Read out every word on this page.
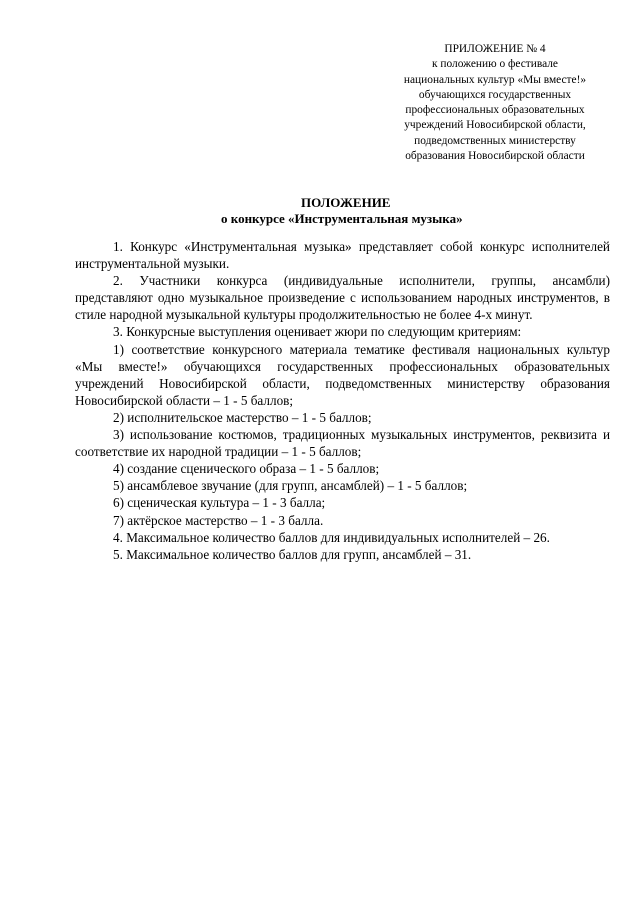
ПРИЛОЖЕНИЕ № 4
к положению о фестивале
национальных культур «Мы вместе!»
обучающихся государственных
профессиональных образовательных
учреждений Новосибирской области,
подведомственных министерству
образования Новосибирской области
ПОЛОЖЕНИЕ
о конкурсе «Инструментальная музыка»

1. Конкурс «Инструментальная музыка» представляет собой конкурс исполнителей инструментальной музыки.

2. Участники конкурса (индивидуальные исполнители, группы, ансамбли) представляют одно музыкальное произведение с использованием народных инструментов, в стиле народной музыкальной культуры продолжительностью не более 4-х минут.

3. Конкурсные выступления оценивает жюри по следующим критериям:

1) соответствие конкурсного материала тематике фестиваля национальных культур «Мы вместе!» обучающихся государственных профессиональных образовательных учреждений Новосибирской области, подведомственных министерству образования Новосибирской области – 1 - 5 баллов;

2) исполнительское мастерство – 1 - 5 баллов;

3) использование костюмов, традиционных музыкальных инструментов, реквизита и соответствие их народной традиции – 1 - 5 баллов;

4) создание сценического образа – 1 - 5 баллов;

5) ансамблевое звучание (для групп, ансамблей) – 1 - 5 баллов;

6) сценическая культура – 1 - 3 балла;

7) актёрское мастерство – 1 - 3 балла.

4. Максимальное количество баллов для индивидуальных исполнителей – 26.

5. Максимальное количество баллов для групп, ансамблей – 31.
